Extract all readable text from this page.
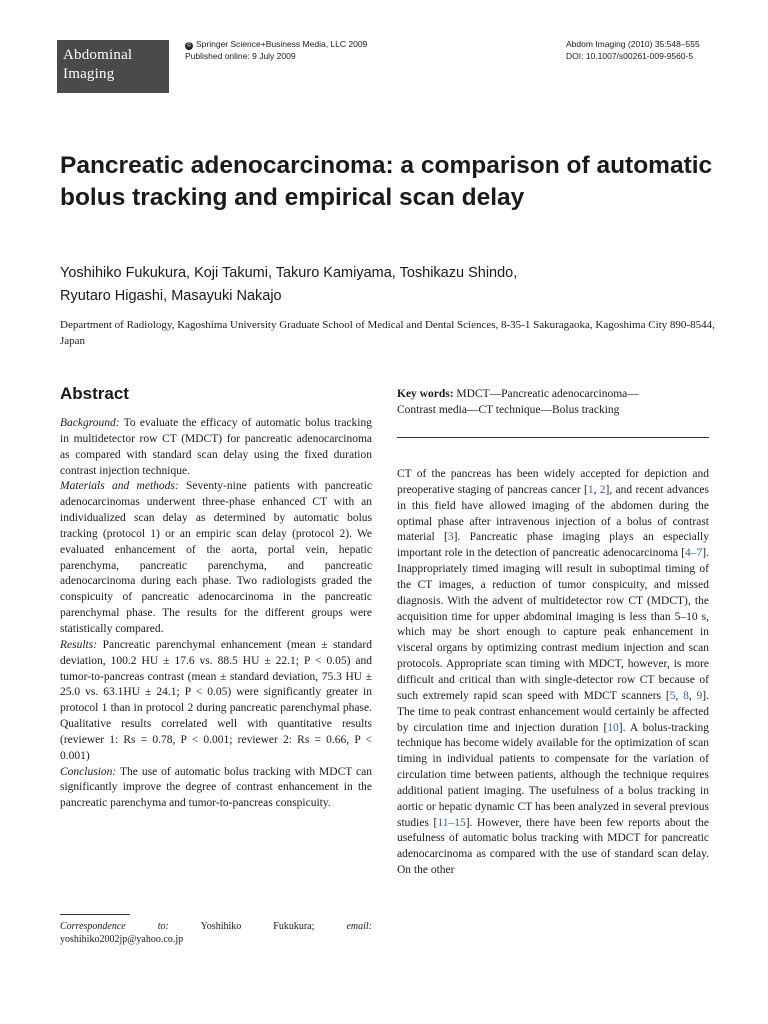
Abdominal
Imaging
© Springer Science+Business Media, LLC 2009
Published online: 9 July 2009
Abdom Imaging (2010) 35:548–555
DOI: 10.1007/s00261-009-9560-5
Pancreatic adenocarcinoma: a comparison of automatic bolus tracking and empirical scan delay
Yoshihiko Fukukura, Koji Takumi, Takuro Kamiyama, Toshikazu Shindo,
Ryutaro Higashi, Masayuki Nakajo
Department of Radiology, Kagoshima University Graduate School of Medical and Dental Sciences, 8-35-1 Sakuragaoka, Kagoshima City 890-8544, Japan
Abstract

Background: To evaluate the efficacy of automatic bolus tracking in multidetector row CT (MDCT) for pancreatic adenocarcinoma as compared with standard scan delay using the fixed duration contrast injection technique.

Materials and methods: Seventy-nine patients with pancreatic adenocarcinomas underwent three-phase enhanced CT with an individualized scan delay as determined by automatic bolus tracking (protocol 1) or an empiric scan delay (protocol 2). We evaluated enhancement of the aorta, portal vein, hepatic parenchyma, pancreatic parenchyma, and pancreatic adenocarcinoma during each phase. Two radiologists graded the conspicuity of pancreatic adenocarcinoma in the pancreatic parenchymal phase. The results for the different groups were statistically compared.

Results: Pancreatic parenchymal enhancement (mean ± standard deviation, 100.2 HU ± 17.6 vs. 88.5 HU ± 22.1; P < 0.05) and tumor-to-pancreas contrast (mean ± standard deviation, 75.3 HU ± 25.0 vs. 63.1HU ± 24.1; P < 0.05) were significantly greater in protocol 1 than in protocol 2 during pancreatic parenchymal phase. Qualitative results correlated well with quantitative results (reviewer 1: Rs = 0.78, P < 0.001; reviewer 2: Rs = 0.66, P < 0.001)

Conclusion: The use of automatic bolus tracking with MDCT can significantly improve the degree of contrast enhancement in the pancreatic parenchyma and tumor-to-pancreas conspicuity.

Key words: MDCT—Pancreatic adenocarcinoma—Contrast media—CT technique—Bolus tracking

CT of the pancreas has been widely accepted for depiction and preoperative staging of pancreas cancer [1, 2], and recent advances in this field have allowed imaging of the abdomen during the optimal phase after intravenous injection of a bolus of contrast material [3]. Pancreatic phase imaging plays an especially important role in the detection of pancreatic adenocarcinoma [4–7]. Inappropriately timed imaging will result in suboptimal timing of the CT images, a reduction of tumor conspicuity, and missed diagnosis. With the advent of multidetector row CT (MDCT), the acquisition time for upper abdominal imaging is less than 5–10 s, which may be short enough to capture peak enhancement in visceral organs by optimizing contrast medium injection and scan protocols. Appropriate scan timing with MDCT, however, is more difficult and critical than with single-detector row CT because of such extremely rapid scan speed with MDCT scanners [5, 8, 9]. The time to peak contrast enhancement would certainly be affected by circulation time and injection duration [10]. A bolus-tracking technique has become widely available for the optimization of scan timing in individual patients to compensate for the variation of circulation time between patients, although the technique requires additional patient imaging. The usefulness of a bolus tracking in aortic or hepatic dynamic CT has been analyzed in several previous studies [11–15]. However, there have been few reports about the usefulness of automatic bolus tracking with MDCT for pancreatic adenocarcinoma as compared with the use of standard scan delay. On the other

Correspondence to:	Yoshihiko Fukukura;	email: yoshihiko2002jp@yahoo.co.jp
